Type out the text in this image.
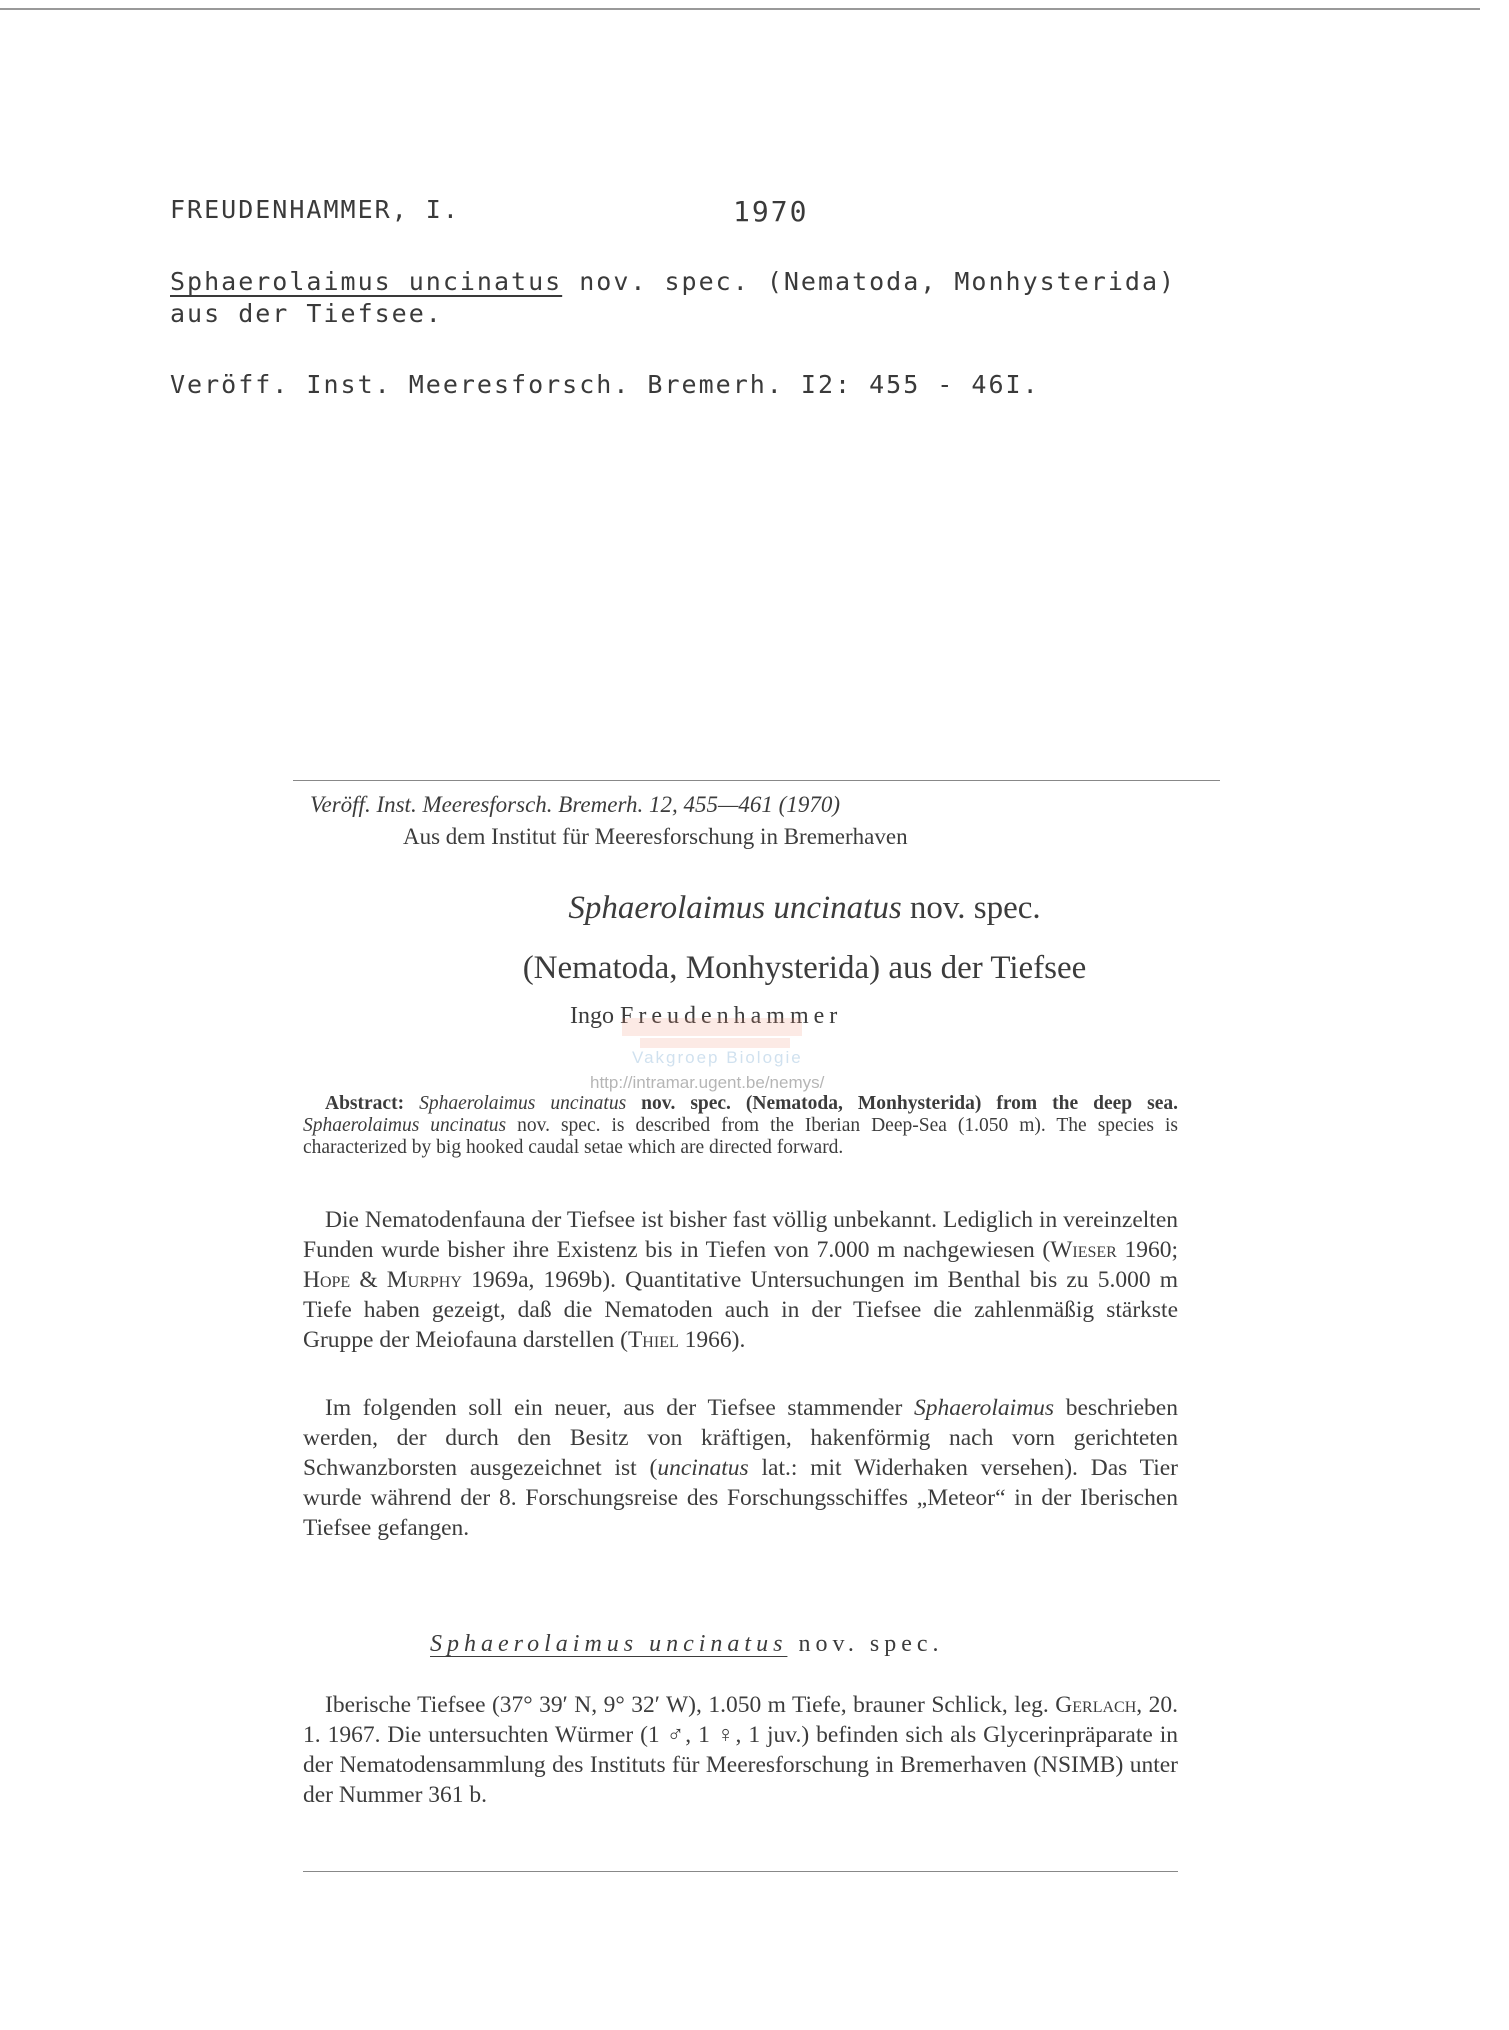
FREUDENHAMMER, I.	1970
Sphaerolaimus uncinatus nov. spec. (Nematoda, Monhysterida)
aus der Tiefsee.
Veröff. Inst. Meeresforsch. Bremerh. I2: 455 - 46I.
Veröff. Inst. Meeresforsch. Bremerh. 12, 455—461 (1970)
Aus dem Institut für Meeresforschung in Bremerhaven
Sphaerolaimus uncinatus nov. spec.
(Nematoda, Monhysterida) aus der Tiefsee
Ingo Freudenhammer
Vakgroep Biologie
http://intramar.ugent.be/nemys/
Abstract: Sphaerolaimus uncinatus nov. spec. (Nematoda, Monhysterida) from the deep sea. Sphaerolaimus uncinatus nov. spec. is described from the Iberian Deep-Sea (1.050 m). The species is characterized by big hooked caudal setae which are directed forward.
Die Nematodenfauna der Tiefsee ist bisher fast völlig unbekannt. Lediglich in vereinzelten Funden wurde bisher ihre Existenz bis in Tiefen von 7.000 m nachgewiesen (Wieser 1960; Hope & Murphy 1969a, 1969b). Quantitative Untersuchungen im Benthal bis zu 5.000 m Tiefe haben gezeigt, daß die Nematoden auch in der Tiefsee die zahlenmäßig stärkste Gruppe der Meiofauna darstellen (Thiel 1966).
Im folgenden soll ein neuer, aus der Tiefsee stammender Sphaerolaimus beschrieben werden, der durch den Besitz von kräftigen, hakenförmig nach vorn gerichteten Schwanzborsten ausgezeichnet ist (uncinatus lat.: mit Widerhaken versehen). Das Tier wurde während der 8. Forschungsreise des Forschungsschiffes „Meteor“ in der Iberischen Tiefsee gefangen.
Sphaerolaimus uncinatus nov. spec.
Iberische Tiefsee (37° 39′ N, 9° 32′ W), 1.050 m Tiefe, brauner Schlick, leg. Gerlach, 20. 1. 1967. Die untersuchten Würmer (1 ♂, 1 ♀, 1 juv.) befinden sich als Glycerinpräparate in der Nematodensammlung des Instituts für Meeresforschung in Bremerhaven (NSIMB) unter der Nummer 361 b.
